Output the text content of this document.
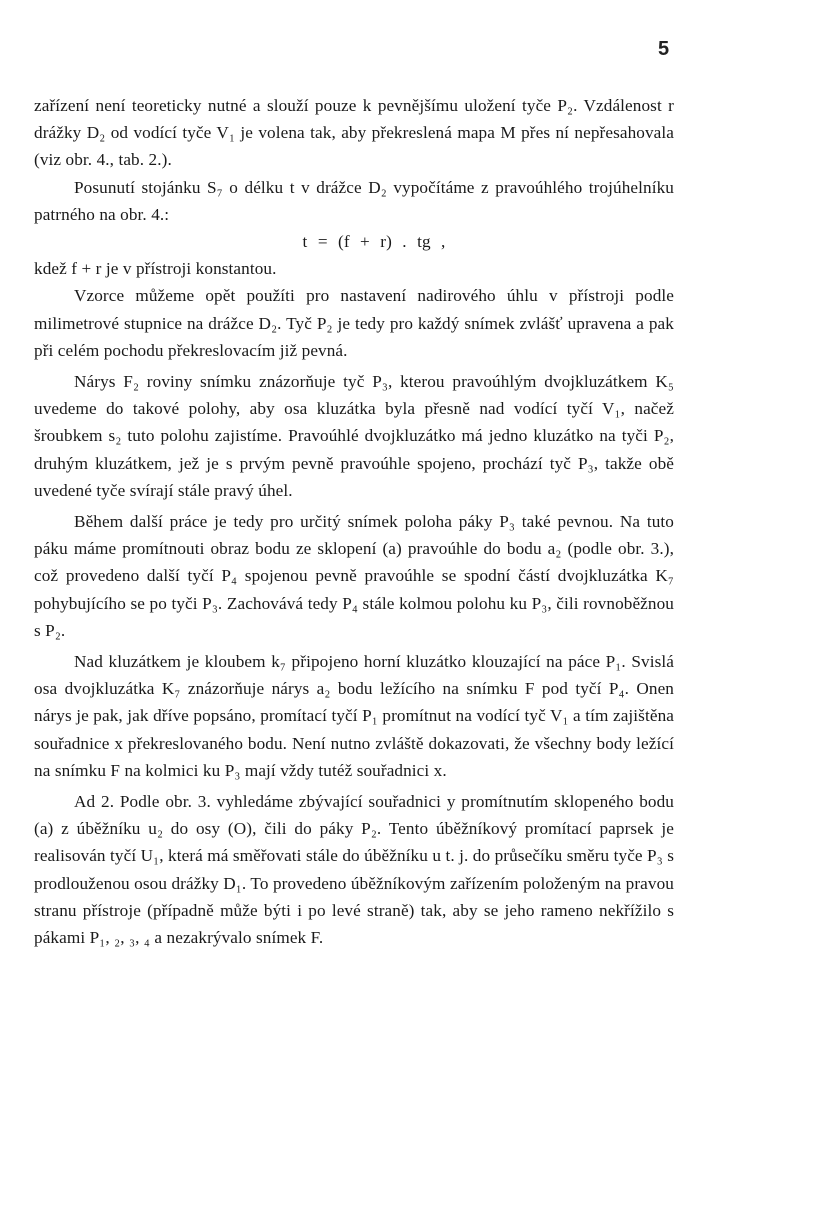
5

zařízení není teoreticky nutné a slouží pouze k pevnějšímu uložení tyče P₂. Vzdálenost r drážky D₂ od vodící tyče V₁ je volena tak, aby překreslená mapa M přes ní nepřesahovala (viz obr. 4., tab. 2.).

Posunutí stojánku S₇ o délku t v drážce D₂ vypočítáme z pravoúhlého trojúhelníku patrného na obr. 4.:

t = (f + r) . tg ,

kdež f + r je v přístroji konstantou.

Vzorce můžeme opět použíti pro nastavení nadirového úhlu v přístroji podle milimetrové stupnice na drážce D₂. Tyč P₂ je tedy pro každý snímek zvlášť upravena a pak při celém pochodu překreslovacím již pevná.

Nárys F₂ roviny snímku znázorňuje tyč P₃, kterou pravoúhlým dvojkluzátkem K₅ uvedeme do takové polohy, aby osa kluzátka byla přesně nad vodící tyčí V₁, načež šroubkem s₂ tuto polohu zajistíme. Pravoúhlé dvojkluzátko má jedno kluzátko na tyči P₂, druhým kluzátkem, jež je s prvým pevně pravoúhle spojeno, prochází tyč P₃, takže obě uvedené tyče svírají stále pravý úhel.

Během další práce je tedy pro určitý snímek poloha páky P₃ také pevnou. Na tuto páku máme promítnouti obraz bodu ze sklopení (a) pravoúhle do bodu a₂ (podle obr. 3.), což provedeno další tyčí P₄ spojenou pevně pravoúhle se spodní částí dvojkluzátka K₇ pohybujícího se po tyči P₃. Zachovává tedy P₄ stále kolmou polohu ku P₃, čili rovnoběžnou s P₂.

Nad kluzátkem je kloubem k₇ připojeno horní kluzátko klouzající na páce P₁. Svislá osa dvojkluzátka K₇ znázorňuje nárys a₂ bodu ležícího na snímku F pod tyčí P₄. Onen nárys je pak, jak dříve popsáno, promítací tyčí P₁ promítnut na vodící tyč V₁ a tím zajištěna souřadnice x překreslovaného bodu. Není nutno zvláště dokazovati, že všechny body ležící na snímku F na kolmici ku P₃ mají vždy tutéž souřadnici x.

Ad 2. Podle obr. 3. vyhledáme zbývající souřadnici y promítnutím sklopeného bodu (a) z úběžníku u₂ do osy (O), čili do páky P₂. Tento úběžníkový promítací paprsek je realisován tyčí U₁, která má směřovati stále do úběžníku u t. j. do průsečíku směru tyče P₃ s prodlouženou osou drážky D₁. To provedeno úběžníkovým zařízením položeným na pravou stranu přístroje (případně může býti i po levé straně) tak, aby se jeho rameno nekřížilo s pákami P₁, ₂, ₃, ₄ a nezakrývalo snímek F.
